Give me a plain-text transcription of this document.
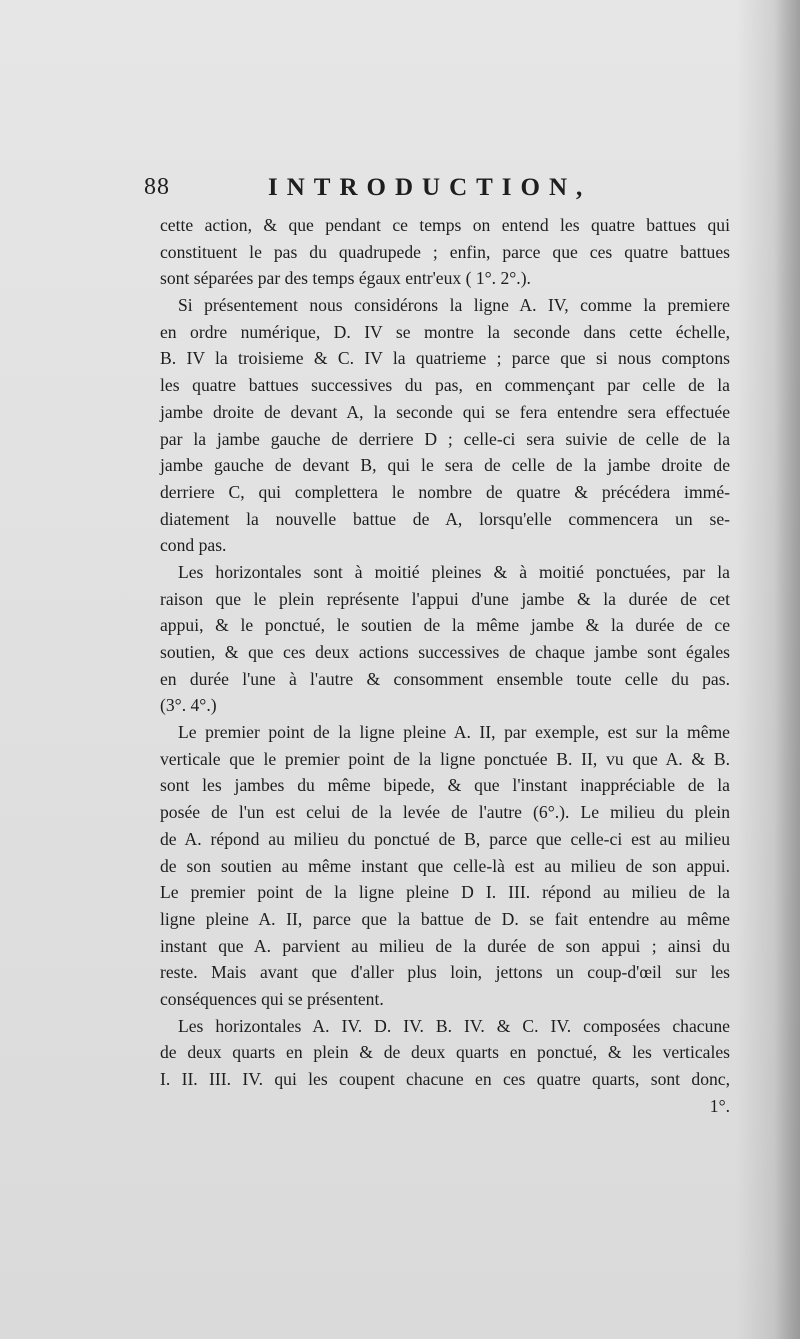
88	INTRODUCTION,
cette action, & que pendant ce temps on entend les quatre battues qui
constituent le pas du quadrupede ; enfin, parce que ces quatre battues
sont séparées par des temps égaux entr'eux ( 1°. 2°.).
Si présentement nous considérons la ligne A. IV, comme la premiere
en ordre numérique, D. IV se montre la seconde dans cette échelle,
B. IV la troisieme & C. IV la quatrieme ; parce que si nous comptons
les quatre battues successives du pas, en commençant par celle de la
jambe droite de devant A, la seconde qui se fera entendre sera effectuée
par la jambe gauche de derriere D ; celle-ci sera suivie de celle de la
jambe gauche de devant B, qui le sera de celle de la jambe droite de
derriere C, qui complettera le nombre de quatre & précédera immé-
diatement la nouvelle battue de A, lorsqu'elle commencera un se-
cond pas.
Les horizontales sont à moitié pleines & à moitié ponctuées, par la
raison que le plein représente l'appui d'une jambe & la durée de cet
appui, & le ponctué, le soutien de la même jambe & la durée de ce
soutien, & que ces deux actions successives de chaque jambe sont égales
en durée l'une à l'autre & consomment ensemble toute celle du pas.
(3°. 4°.)
Le premier point de la ligne pleine A. II, par exemple, est sur la même
verticale que le premier point de la ligne ponctuée B. II, vu que A. & B.
sont les jambes du même bipede, & que l'instant inappréciable de la
posée de l'un est celui de la levée de l'autre (6°.). Le milieu du plein
de A. répond au milieu du ponctué de B, parce que celle-ci est au milieu
de son soutien au même instant que celle-là est au milieu de son appui.
Le premier point de la ligne pleine D I. III. répond au milieu de la
ligne pleine A. II, parce que la battue de D. se fait entendre au même
instant que A. parvient au milieu de la durée de son appui ; ainsi du
reste. Mais avant que d'aller plus loin, jettons un coup-d'œil sur les
conséquences qui se présentent.
Les horizontales A. IV. D. IV. B. IV. & C. IV. composées chacune
de deux quarts en plein & de deux quarts en ponctué, & les verticales
I. II. III. IV. qui les coupent chacune en ces quatre quarts, sont donc,
1°.
